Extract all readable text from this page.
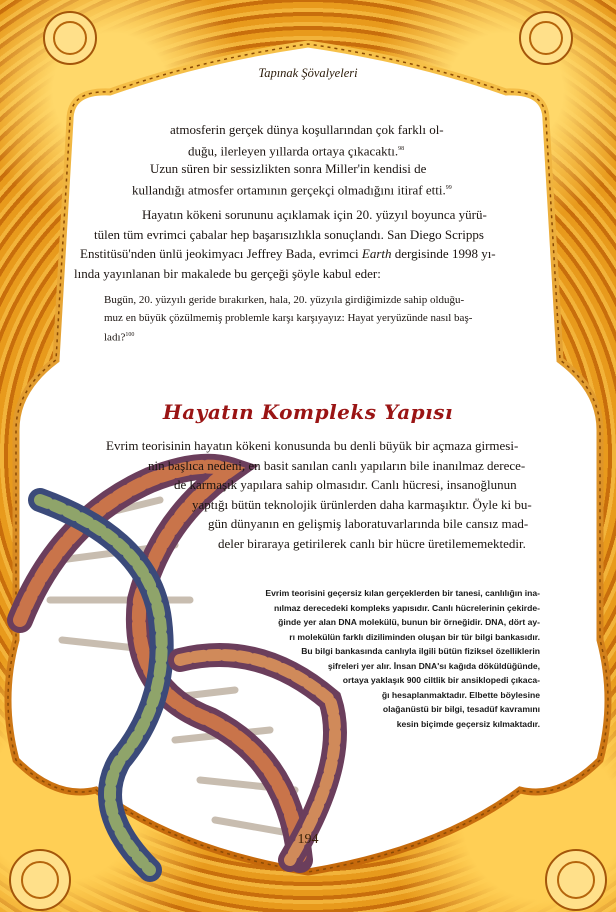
Tapınak Şövalyeleri

atmosferin gerçek dünya koşullarından çok farklı ol-

duğu, ilerleyen yıllarda ortaya çıkacaktı.$^{98}$

Uzun süren bir sessizlikten sonra Miller'in kendisi de

kullandığı atmosfer ortamının gerçekçi olmadığını itiraf etti.$^{99}$

Hayatın kökeni sorununu açıklamak için 20. yüzyıl boyunca yürü-

tülen tüm evrimci çabalar hep başarısızlıkla sonuçlandı. San Diego Scripps

Enstitüsü'nden ünlü jeokimyacı Jeffrey Bada, evrimci Earth dergisinde 1998 yı-

lında yayınlanan bir makalede bu gerçeği şöyle kabul eder:

Bugün, 20. yüzyılı geride bırakırken, hala, 20. yüzyıla girdiğimizde sahip olduğu-
muz en büyük çözülmemiş problemle karşı karşıyayız: Hayat yeryüzünde nasıl baş-
ladı?$^{100}$
Hayatın Kompleks Yapısı

Evrim teorisinin hayatın kökeni konusunda bu denli büyük bir açmaza girmesi-

nin başlıca nedeni, en basit sanılan canlı yapıların bile inanılmaz derece-

de karmaşık yapılara sahip olmasıdır. Canlı hücresi, insanoğlunun

yaptığı bütün teknolojik ürünlerden daha karmaşıktır. Öyle ki bu-

gün dünyanın en gelişmiş laboratuvarlarında bile cansız mad-

deler biraraya getirilerek canlı bir hücre üretilememektedir.

Evrim teorisini geçersiz kılan gerçeklerden bir tanesi, canlılığın ina-
nılmaz derecedeki kompleks yapısıdır. Canlı hücrelerinin çekirde-
ğinde yer alan DNA molekülü, bunun bir örneğidir. DNA, dört ay-
rı molekülün farklı diziliminden oluşan bir tür bilgi bankasıdır.
Bu bilgi bankasında canlıyla ilgili bütün fiziksel özelliklerin
şifreleri yer alır. İnsan DNA'sı kağıda döküldüğünde,
ortaya yaklaşık 900 ciltlik bir ansiklopedi çıkaca-
ğı hesaplanmaktadır. Elbette böylesine
olağanüstü bir bilgi, tesadüf kavramını
kesin biçimde geçersiz kılmaktadır.
194
